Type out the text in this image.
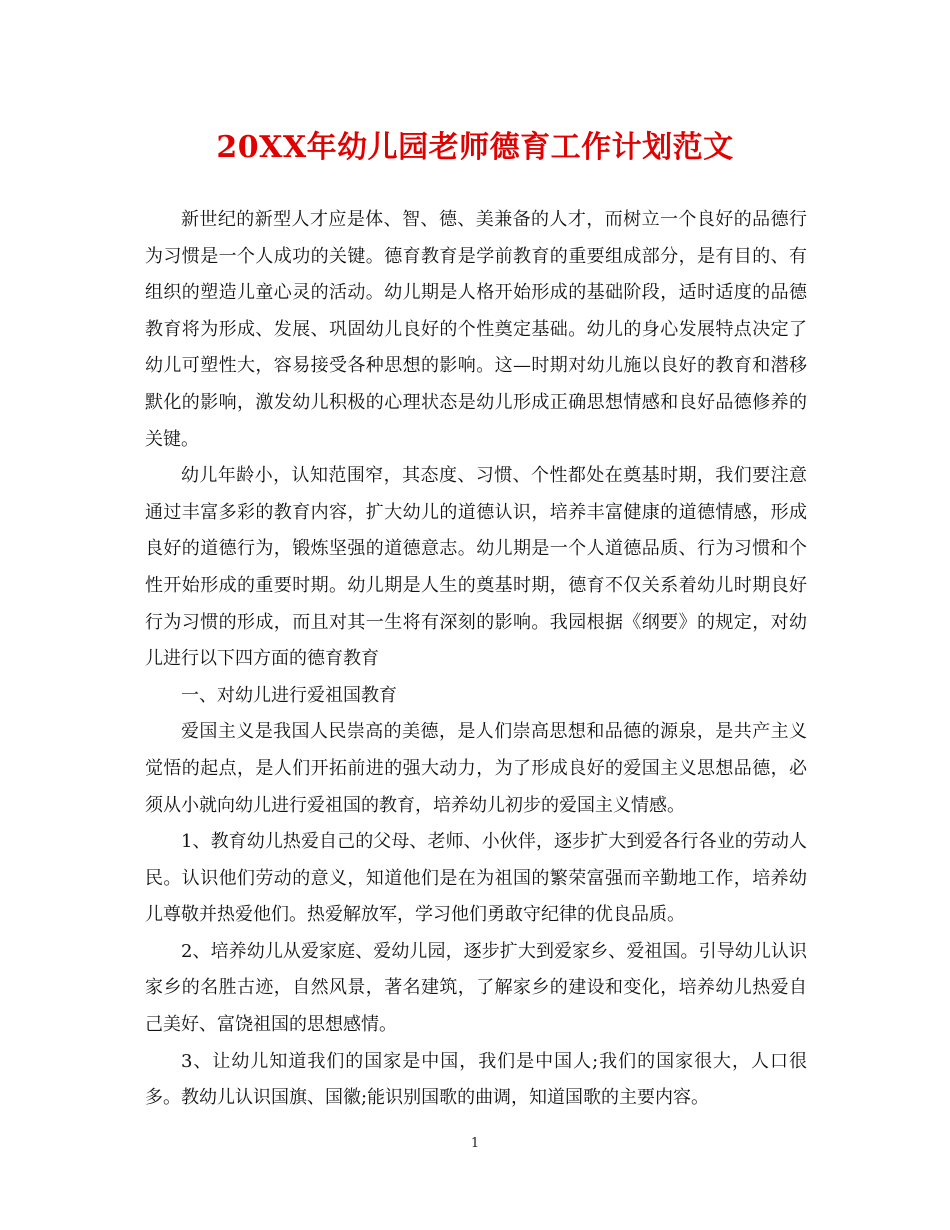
20XX年幼儿园老师德育工作计划范文

新世纪的新型人才应是体、智、德、美兼备的人才，而树立一个良好的品德行为习惯是一个人成功的关键。德育教育是学前教育的重要组成部分，是有目的、有组织的塑造儿童心灵的活动。幼儿期是人格开始形成的基础阶段，适时适度的品德教育将为形成、发展、巩固幼儿良好的个性奠定基础。幼儿的身心发展特点决定了幼儿可塑性大，容易接受各种思想的影响。这—时期对幼儿施以良好的教育和潜移默化的影响，激发幼儿积极的心理状态是幼儿形成正确思想情感和良好品德修养的关键。

幼儿年龄小，认知范围窄，其态度、习惯、个性都处在奠基时期，我们要注意通过丰富多彩的教育内容，扩大幼儿的道德认识，培养丰富健康的道德情感，形成良好的道德行为，锻炼坚强的道德意志。幼儿期是一个人道德品质、行为习惯和个性开始形成的重要时期。幼儿期是人生的奠基时期，德育不仅关系着幼儿时期良好行为习惯的形成，而且对其一生将有深刻的影响。我园根据《纲要》的规定，对幼儿进行以下四方面的德育教育

一、对幼儿进行爱祖国教育

爱国主义是我国人民崇高的美德，是人们崇高思想和品德的源泉，是共产主义觉悟的起点，是人们开拓前进的强大动力，为了形成良好的爱国主义思想品德，必须从小就向幼儿进行爱祖国的教育，培养幼儿初步的爱国主义情感。

1、教育幼儿热爱自己的父母、老师、小伙伴，逐步扩大到爱各行各业的劳动人民。认识他们劳动的意义，知道他们是在为祖国的繁荣富强而辛勤地工作，培养幼儿尊敬并热爱他们。热爱解放军，学习他们勇敢守纪律的优良品质。

2、培养幼儿从爱家庭、爱幼儿园，逐步扩大到爱家乡、爱祖国。引导幼儿认识家乡的名胜古迹，自然风景，著名建筑，了解家乡的建设和变化，培养幼儿热爱自己美好、富饶祖国的思想感情。

3、让幼儿知道我们的国家是中国，我们是中国人;我们的国家很大，人口很多。教幼儿认识国旗、国徽;能识别国歌的曲调，知道国歌的主要内容。

1
